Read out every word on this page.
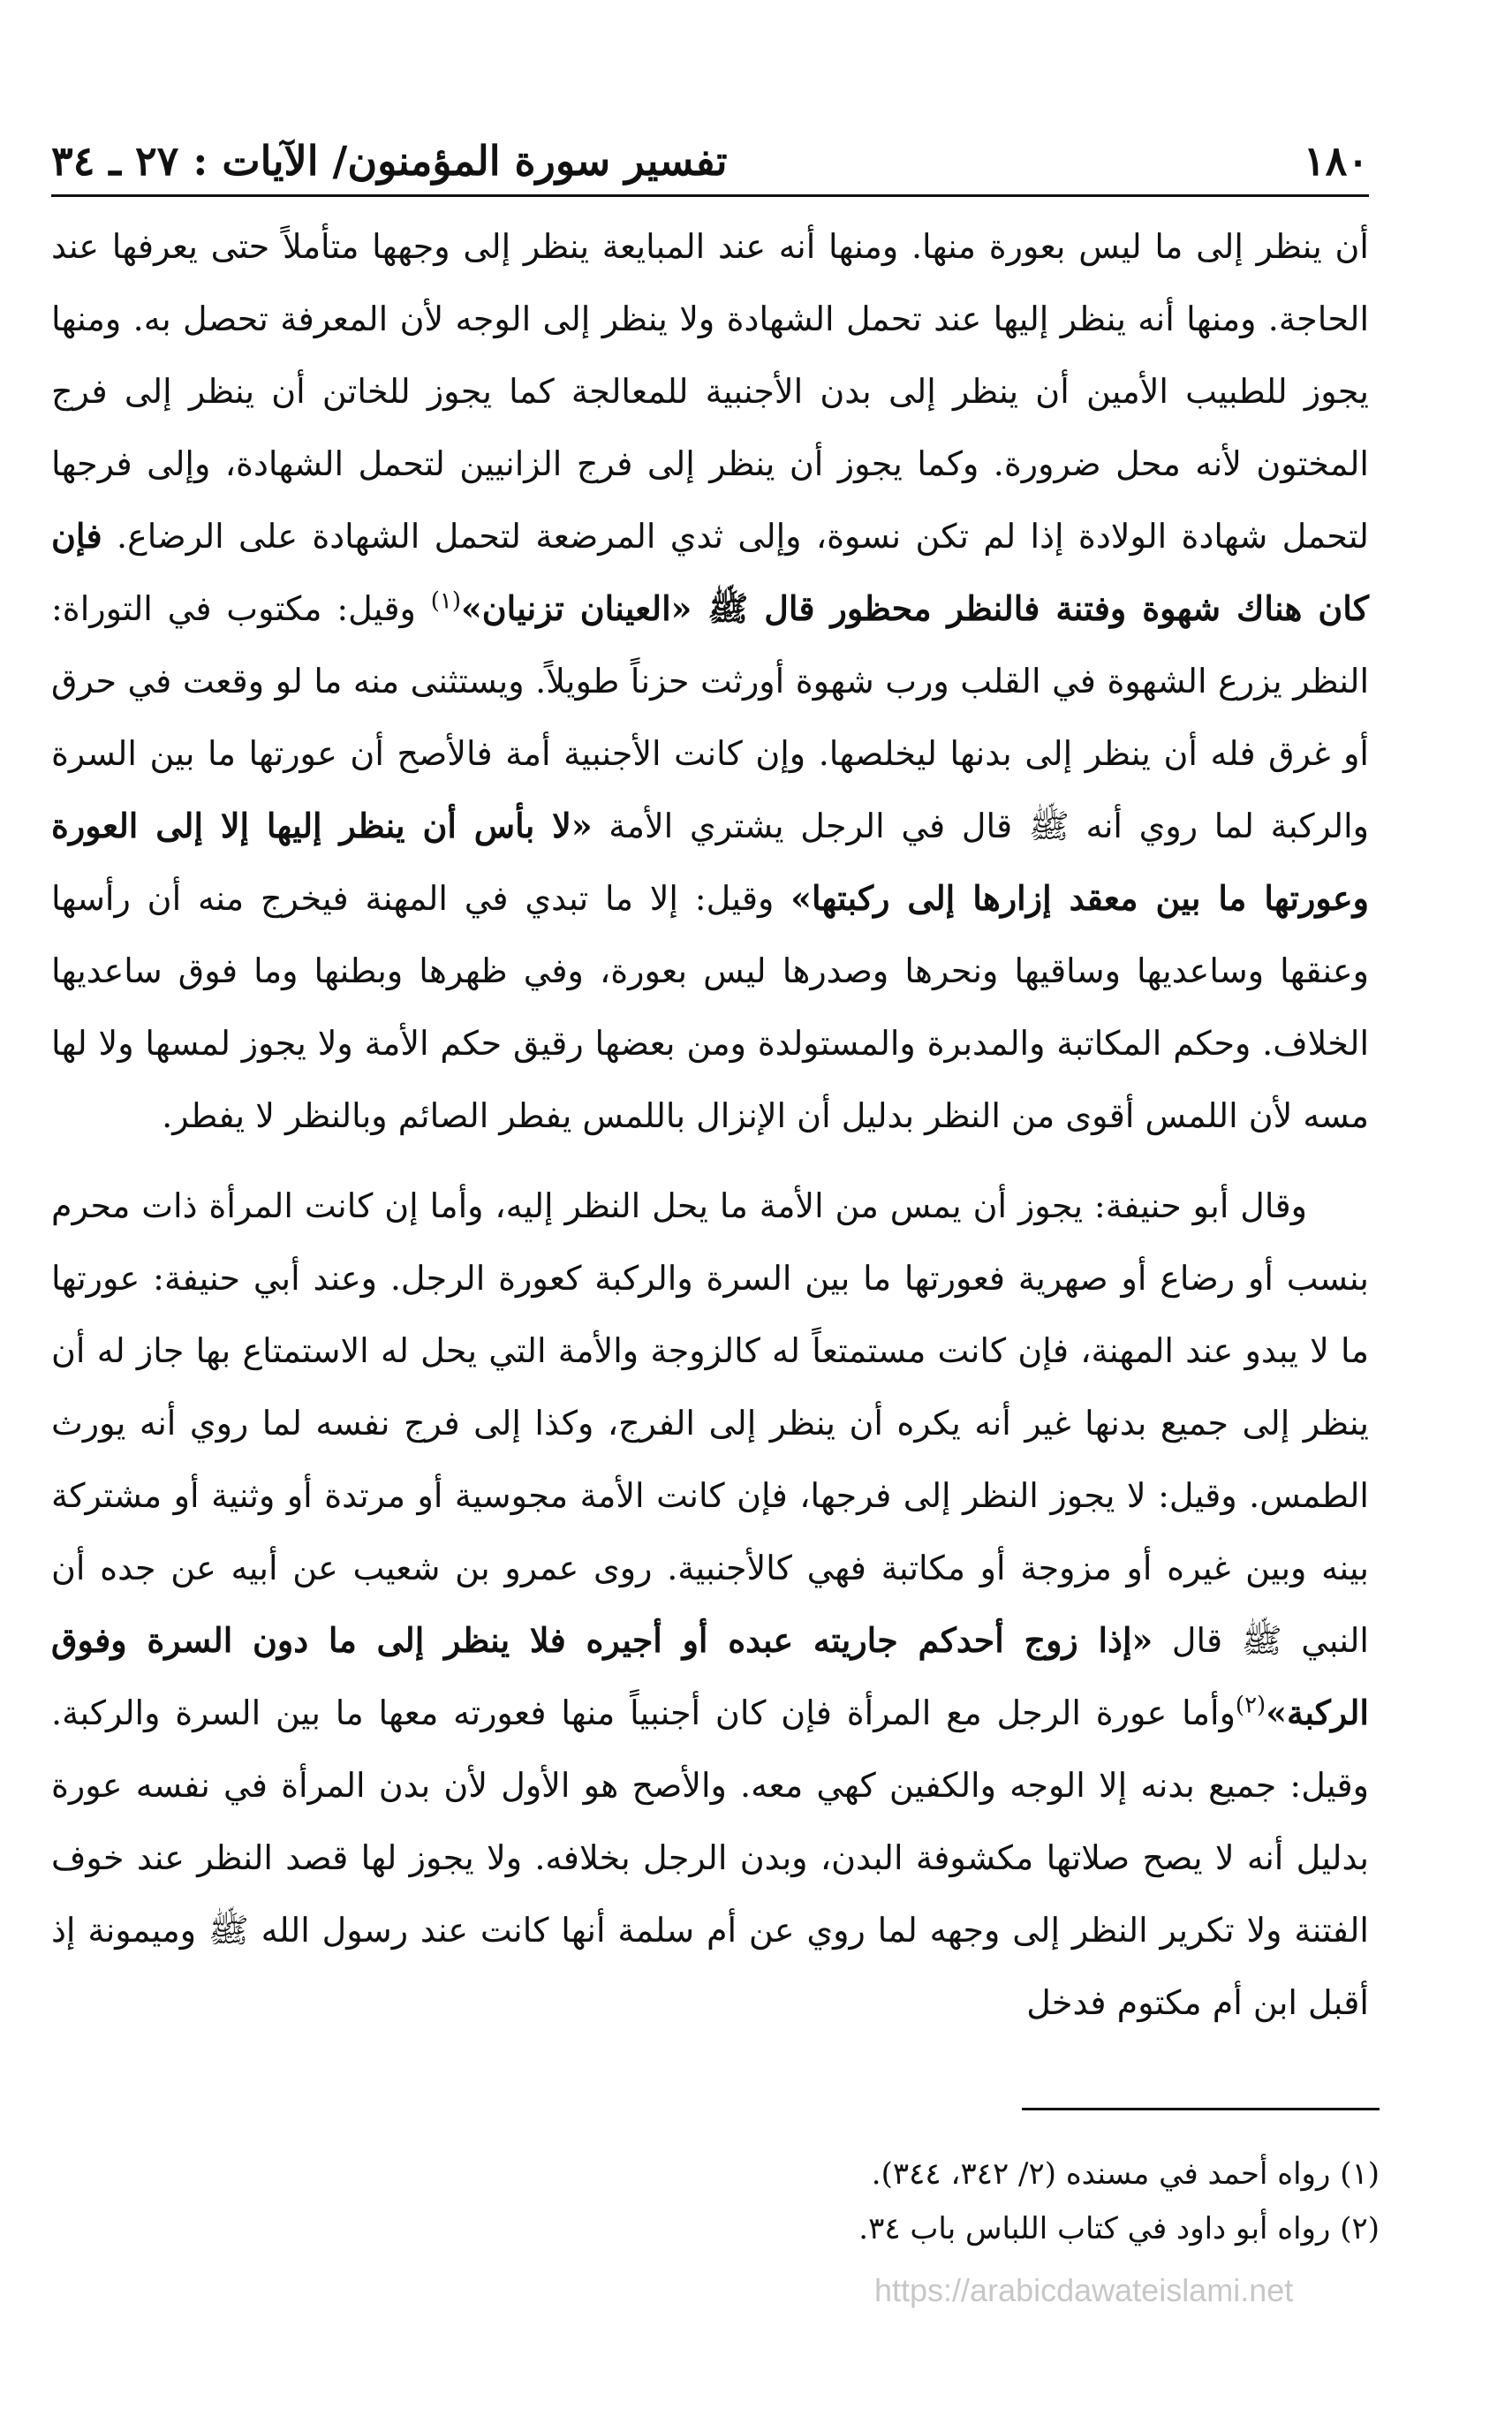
١٨٠
تفسير سورة المؤمنون/ الآيات : ٢٧ ـ ٣٤

أن ينظر إلى ما ليس بعورة منها. ومنها أنه عند المبايعة ينظر إلى وجهها متأملاً حتى يعرفها عند الحاجة. ومنها أنه ينظر إليها عند تحمل الشهادة ولا ينظر إلى الوجه لأن المعرفة تحصل به. ومنها يجوز للطبيب الأمين أن ينظر إلى بدن الأجنبية للمعالجة كما يجوز للخاتن أن ينظر إلى فرج المختون لأنه محل ضرورة. وكما يجوز أن ينظر إلى فرج الزانيين لتحمل الشهادة، وإلى فرجها لتحمل شهادة الولادة إذا لم تكن نسوة، وإلى ثدي المرضعة لتحمل الشهادة على الرضاع. فإن كان هناك شهوة وفتنة فالنظر محظور قال ﷺ «العينان تزنيان»$^{(١)}$ وقيل: مكتوب في التوراة: النظر يزرع الشهوة في القلب ورب شهوة أورثت حزناً طويلاً. ويستثنى منه ما لو وقعت في حرق أو غرق فله أن ينظر إلى بدنها ليخلصها. وإن كانت الأجنبية أمة فالأصح أن عورتها ما بين السرة والركبة لما روي أنه ﷺ قال في الرجل يشتري الأمة «لا بأس أن ينظر إليها إلا إلى العورة وعورتها ما بين معقد إزارها إلى ركبتها» وقيل: إلا ما تبدي في المهنة فيخرج منه أن رأسها وعنقها وساعديها وساقيها ونحرها وصدرها ليس بعورة، وفي ظهرها وبطنها وما فوق ساعديها الخلاف. وحكم المكاتبة والمدبرة والمستولدة ومن بعضها رقيق حكم الأمة ولا يجوز لمسها ولا لها مسه لأن اللمس أقوى من النظر بدليل أن الإنزال باللمس يفطر الصائم وبالنظر لا يفطر.

وقال أبو حنيفة: يجوز أن يمس من الأمة ما يحل النظر إليه، وأما إن كانت المرأة ذات محرم بنسب أو رضاع أو صهرية فعورتها ما بين السرة والركبة كعورة الرجل. وعند أبي حنيفة: عورتها ما لا يبدو عند المهنة، فإن كانت مستمتعاً له كالزوجة والأمة التي يحل له الاستمتاع بها جاز له أن ينظر إلى جميع بدنها غير أنه يكره أن ينظر إلى الفرج، وكذا إلى فرج نفسه لما روي أنه يورث الطمس. وقيل: لا يجوز النظر إلى فرجها، فإن كانت الأمة مجوسية أو مرتدة أو وثنية أو مشتركة بينه وبين غيره أو مزوجة أو مكاتبة فهي كالأجنبية. روى عمرو بن شعيب عن أبيه عن جده أن النبي ﷺ قال «إذا زوج أحدكم جاريته عبده أو أجيره فلا ينظر إلى ما دون السرة وفوق الركبة»$^{(٢)}$وأما عورة الرجل مع المرأة فإن كان أجنبياً منها فعورته معها ما بين السرة والركبة. وقيل: جميع بدنه إلا الوجه والكفين كهي معه. والأصح هو الأول لأن بدن المرأة في نفسه عورة بدليل أنه لا يصح صلاتها مكشوفة البدن، وبدن الرجل بخلافه. ولا يجوز لها قصد النظر عند خوف الفتنة ولا تكرير النظر إلى وجهه لما روي عن أم سلمة أنها كانت عند رسول الله ﷺ وميمونة إذ أقبل ابن أم مكتوم فدخل

(١) رواه أحمد في مسنده (٢/ ٣٤٢، ٣٤٤).

(٢) رواه أبو داود في كتاب اللباس باب ٣٤.

https://arabicdawateislami.net
